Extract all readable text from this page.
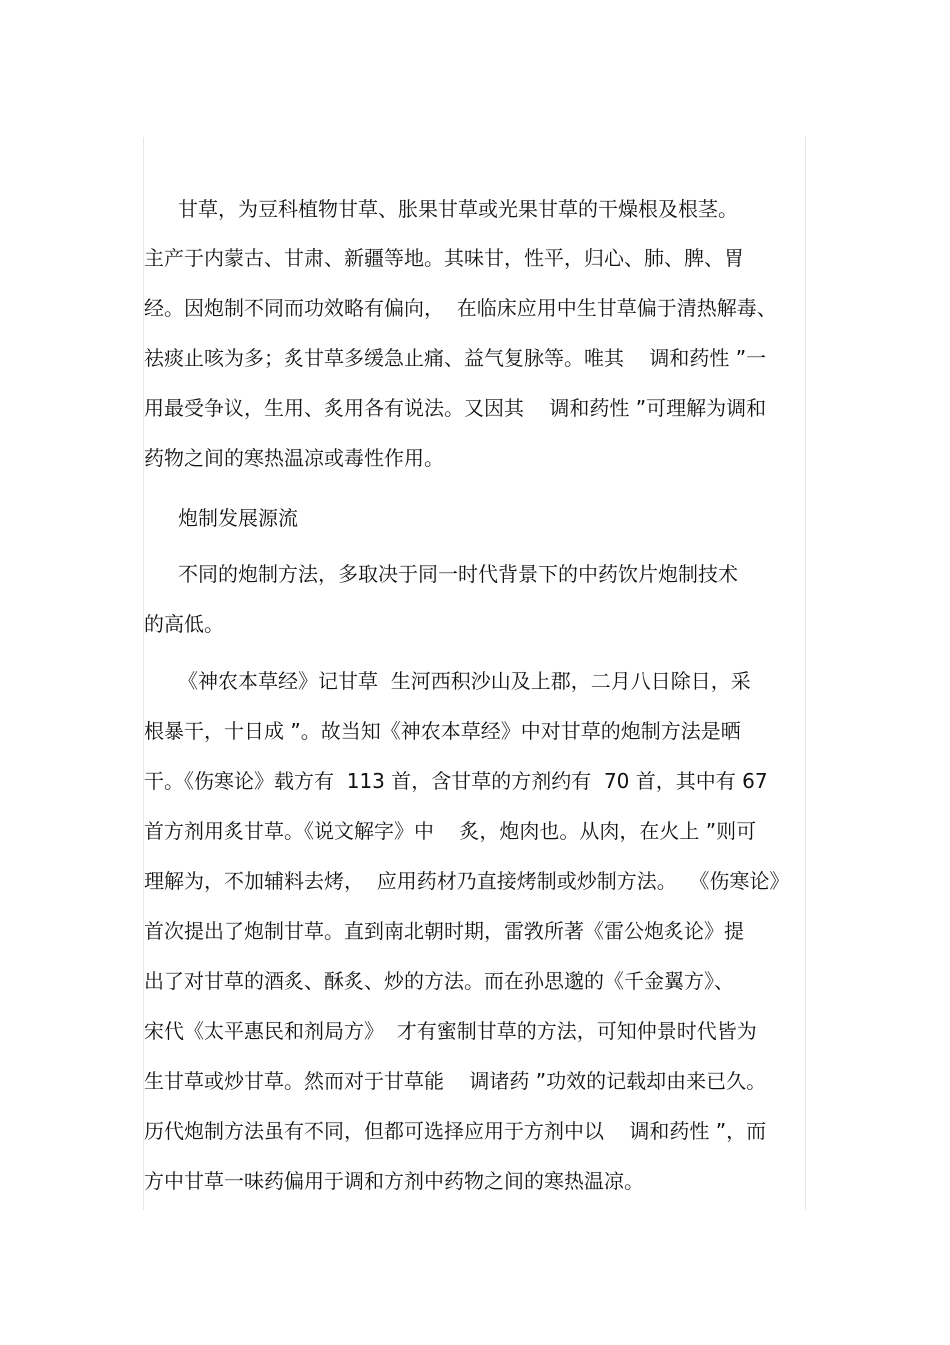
甘草，为豆科植物甘草、胀果甘草或光果甘草的干燥根及根茎。
主产于内蒙古、甘肃、新疆等地。其味甘，性平，归心、肺、脾、胃
经。因炮制不同而功效略有偏向，  在临床应用中生甘草偏于清热解毒、
祛痰止咳为多；炙甘草多缓急止痛、益气复脉等。唯其    调和药性 ”一
用最受争议，生用、炙用各有说法。又因其    调和药性 ”可理解为调和
药物之间的寒热温凉或毒性作用。
炮制发展源流
不同的炮制方法，多取决于同一时代背景下的中药饮片炮制技术
的高低。
《神农本草经》记甘草  生河西积沙山及上郡，二月八日除日，采
根暴干，十日成 ”。故当知《神农本草经》中对甘草的炮制方法是晒
干。《伤寒论》载方有  113 首，含甘草的方剂约有  70 首，其中有 67
首方剂用炙甘草。《说文解字》中    炙，炮肉也。从肉，在火上 ”则可
理解为，不加辅料去烤，  应用药材乃直接烤制或炒制方法。  《伤寒论》
首次提出了炮制甘草。直到南北朝时期，雷敩所著《雷公炮炙论》提
出了对甘草的酒炙、酥炙、炒的方法。而在孙思邈的《千金翼方》、
宋代《太平惠民和剂局方》  才有蜜制甘草的方法，可知仲景时代皆为
生甘草或炒甘草。然而对于甘草能    调诸药 ”功效的记载却由来已久。
历代炮制方法虽有不同，但都可选择应用于方剂中以    调和药性 ”，而
方中甘草一味药偏用于调和方剂中药物之间的寒热温凉。
